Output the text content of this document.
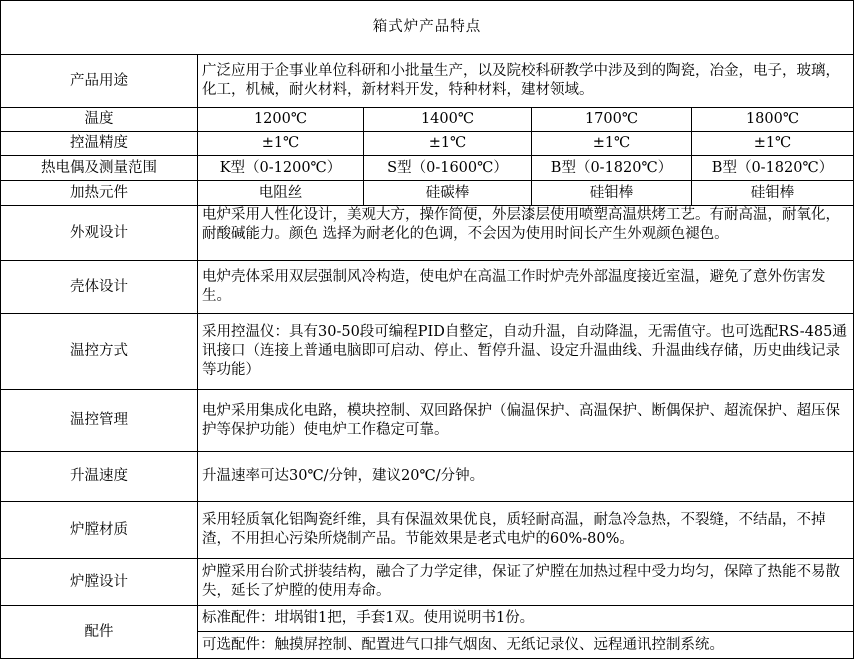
箱式炉产品特点				
产品用途	广泛应用于企事业单位科研和小批量生产，以及院校科研教学中涉及到的陶瓷，冶金，电子，玻璃，化工，机械，耐火材料，新材料开发，特种材料，建材领域。			
温度	1200℃	1400℃	1700℃	1800℃
控温精度	±1℃	±1℃	±1℃	±1℃
热电偶及测量范围	K型（0-1200℃）	S型（0-1600℃）	B型（0-1820℃）	B型（0-1820℃）
加热元件	电阻丝	硅碳棒	硅钼棒	硅钼棒
外观设计	电炉采用人性化设计，美观大方，操作简便，外层漆层使用喷塑高温烘烤工艺。有耐高温，耐氧化，耐酸碱能力。颜色 选择为耐老化的色调，不会因为使用时间长产生外观颜色褪色。			

壳体设计	电炉壳体采用双层强制风冷构造，使电炉在高温工作时炉壳外部温度接近室温，避免了意外伤害发生。			
温控方式	采用控温仪：具有30-50段可编程PID自整定，自动升温，自动降温，无需值守。也可选配RS-485通讯接口（连接上普通电脑即可启动、停止、暂停升温、设定升温曲线、升温曲线存储，历史曲线记录等功能）			
温控管理	电炉采用集成化电路，模块控制、双回路保护（偏温保护、高温保护、断偶保护、超流保护、超压保护等保护功能）使电炉工作稳定可靠。			
升温速度	升温速率可达30℃/分钟，建议20℃/分钟。			
炉膛材质	采用轻质氧化铝陶瓷纤维，具有保温效果优良，质轻耐高温，耐急冷急热，不裂缝，不结晶，不掉渣，不用担心污染所烧制产品。节能效果是老式电炉的60%-80%。			
炉膛设计	炉膛采用台阶式拼装结构，融合了力学定律，保证了炉膛在加热过程中受力均匀，保障了热能不易散失，延长了炉膛的使用寿命。			
配件	标准配件：坩埚钳1把，手套1双。使用说明书1份。			
	可选配件：触摸屏控制、配置进气口排气烟囱、无纸记录仪、远程通讯控制系统。			
